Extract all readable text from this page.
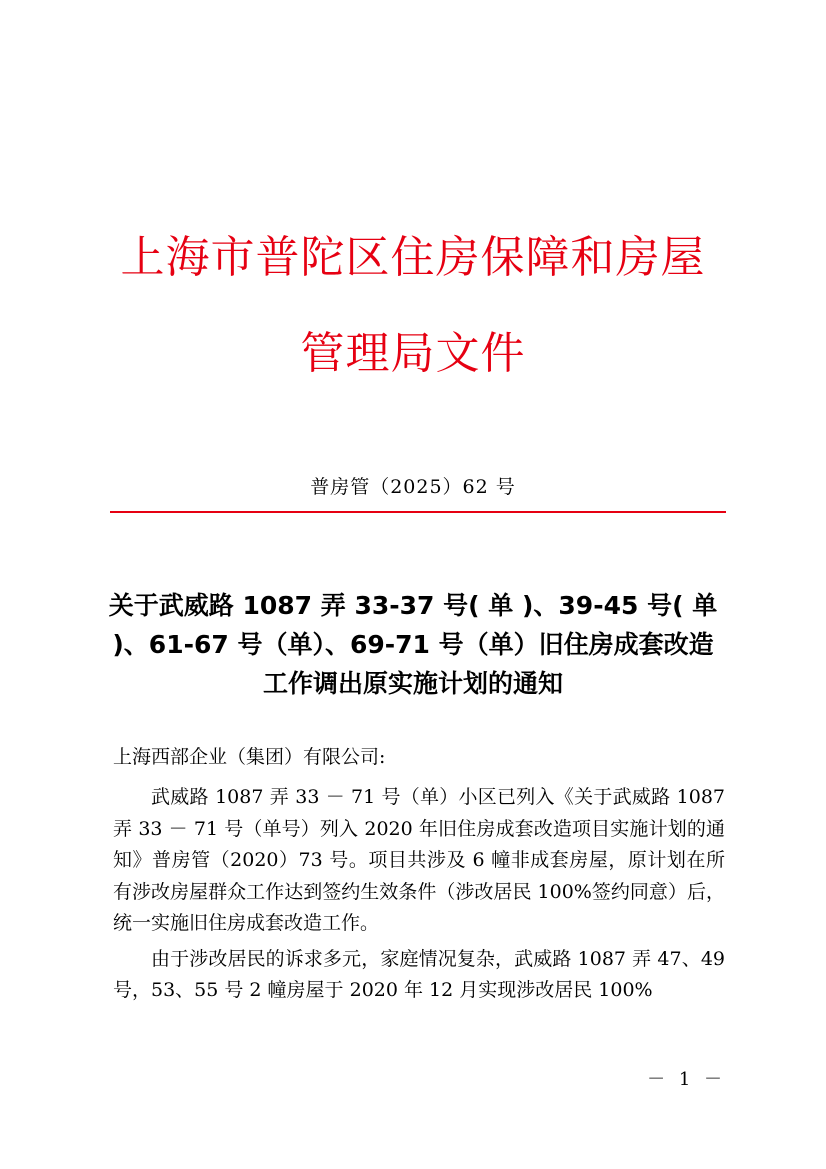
上海市普陀区住房保障和房屋管理局文件
普房管（2025）62 号
关于武威路 1087 弄 33-37 号( 单 )、39-45 号( 单 )、61-67 号（单）、69-71 号（单）旧住房成套改造工作调出原实施计划的通知
上海西部企业（集团）有限公司:

武威路 1087 弄 33 － 71 号（单）小区已列入《关于武威路 1087 弄 33 － 71 号（单号）列入 2020 年旧住房成套改造项目实施计划的通知》普房管（2020）73 号。项目共涉及 6 幢非成套房屋，原计划在所有涉改房屋群众工作达到签约生效条件（涉改居民 100%签约同意）后，统一实施旧住房成套改造工作。

由于涉改居民的诉求多元，家庭情况复杂，武威路 1087 弄 47、49 号，53、55 号 2 幢房屋于 2020 年 12 月实现涉改居民 100%

－ 1 －
